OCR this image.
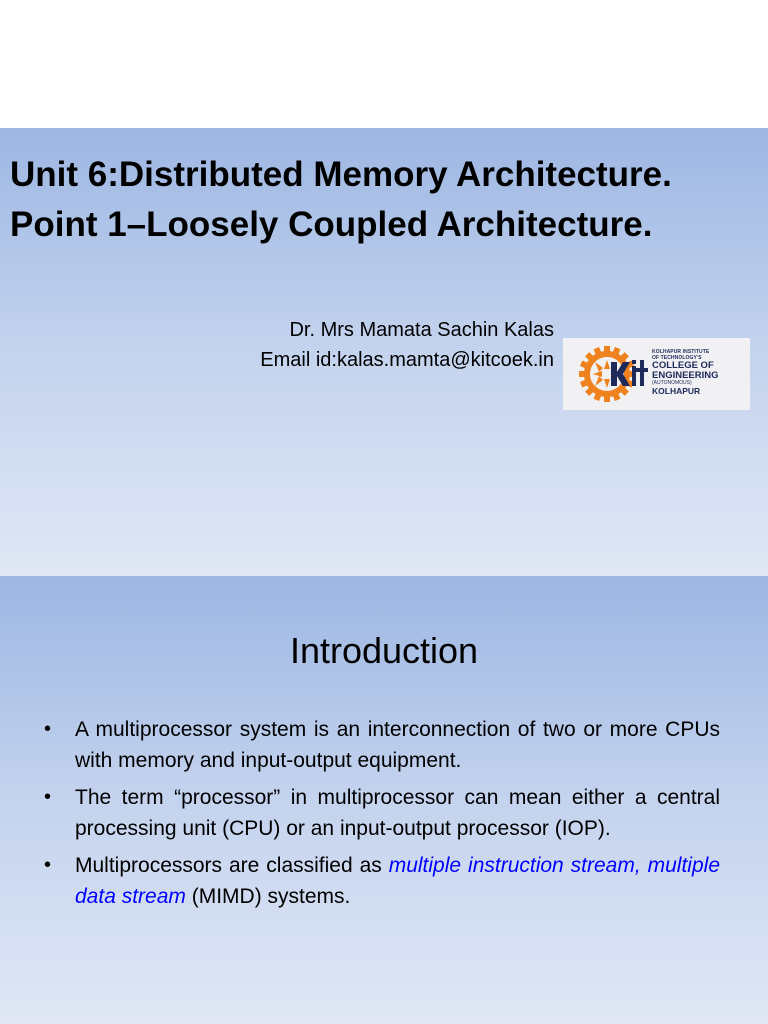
Unit 6:Distributed Memory Architecture.
Point 1–Loosely Coupled Architecture.
Dr. Mrs Mamata Sachin Kalas
Email id:kalas.mamta@kitcoek.in	KOLHAPUR INSTITUTE
OF TECHNOLOGY'S
COLLEGE OF
ENGINEERING
(AUTONOMOUS)
KOLHAPUR
Introduction
• A multiprocessor system is an interconnection of two or more CPUs with memory and input-output equipment.
• The term “processor” in multiprocessor can mean either a central processing unit (CPU) or an input-output processor (IOP).
• Multiprocessors are classified as multiple instruction stream, multiple data stream (MIMD) systems.
